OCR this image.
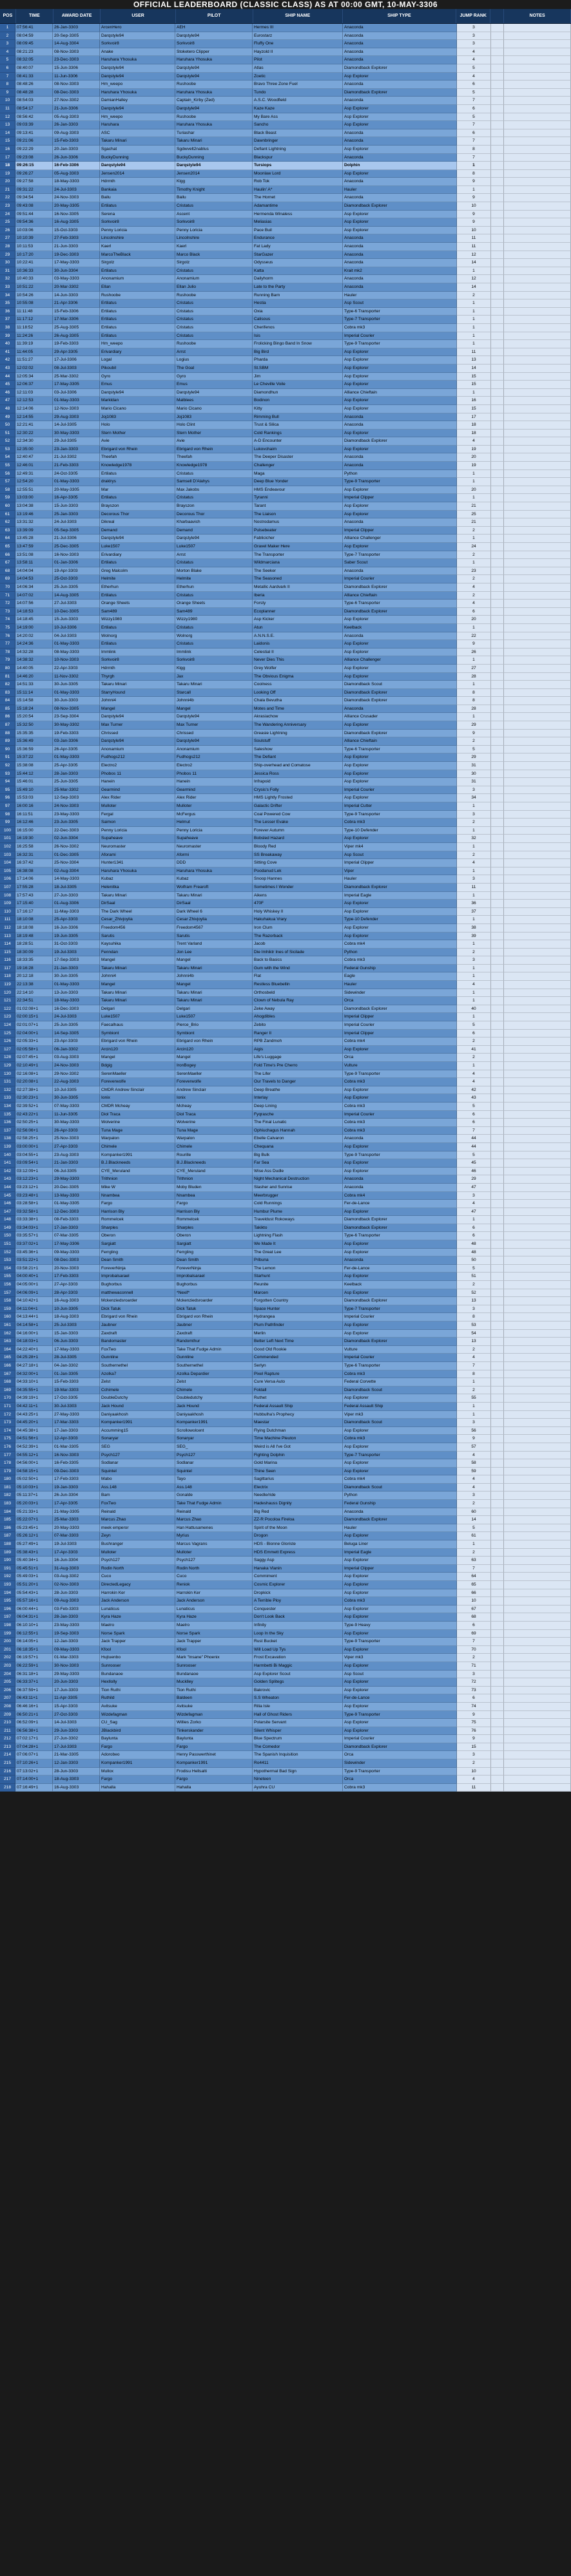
OFFICIAL LEADERBOARD (CLASSIC CLASS) AS AT 00:00 GMT, 10-MAY-3306
POS	TIME	AWARD DATE	USER	PILOT	SHIP NAME	SHIP TYPE	JUMP RANK	NOTES
1	07:56:41	26-Jan-3303	ArcenHero	AEH	Hermes III	Anaconda	3
2	08:04:59	20-Sep-3305	Darqstyle94	Darqstyle94	Eurostarz	Anaconda	3
3	08:09:45	14-Aug-3304	Sorkvoir8	Sorkvoir8	Fluffy One	Anaconda	3
4	08:21:23	08-Nov-3303	Anake	Stoketero Clipper	Hayzold II	Anaconda	4
5	08:32:05	23-Dec-3303	Haruhara Yhosuka	Haruhara Yhosuka	Pilot	Anaconda	4
6	08:40:07	15-Jun-3306	Darqstyle94	Darqstyle94	Atlas	Diamondback Explorer	5
7	08:41:33	11-Jun-3306	Darqstyle94	Darqstyle94	Zoetic	Asp Explorer	4
8	08:48:26	08-Nov-3303	Hm_weepo	Rushoobe	Bravo Three Zone Fuel	Anaconda	6
9	08:48:28	08-Dec-3303	Haruhara Yhosuka	Haruhara Yhosuka	Tundo	Diamondback Explorer	5
10	08:54:03	27-Nov-3302	DamianHalley	Captain_Kirby (Zed)	A.S.C. Woodfield	Anaconda	7
11	08:54:17	21-Jun-3306	Darqstyle94	Darqstyle94	Kaze Kaze	Asp Explorer	6
12	08:56:42	05-Aug-3303	Hm_weepo	Rushoobe	My Bare Ass	Asp Explorer	5
13	09:03:39	26-Jan-3303	Haruhara	Haruhara Yhosuka	Sancho	Asp Explorer	7
14	09:13:41	09-Aug-3303	ASC	Turiashar	Black Beast	Anaconda	6
15	09:21:06	15-Feb-3303	Takaru Minari	Takaru Minari	Dawnbringer	Anaconda	7
16	09:22:29	20-Jan-3303	Sgachat	Sgdwvelt2nablus	Defiant Lightning	Asp Explorer	8
17	09:23:08	26-Jun-3306	BuckyDunning	BuckyDunning	Blackspur	Anaconda	7
18	09:26:15	16-Feb-3306	Darqstyle94	Darqstyle94	Tursiops	Dolphin	1
19	09:26:27	05-Aug-3303	Jensen2014	Jensen2014	Moonlaw Lord	Asp Explorer	8
20	09:27:58	18-May-3303	Hdrmth	Klgg	Rob Tok	Anaconda	9
21	09:31:22	24-Jul-3303	Bankaia	Timothy Knight	Haulin' A*	Hauler	1
22	09:34:54	24-Nov-3303	Bailu	Bailu	The Hornet	Anaconda	9
23	09:43:08	20-May-3305	Ertilatus	Cristatus	Adamantime	Diamondback Explorer	10
24	09:51:44	16-Nov-3305	Serena	Ascent	Hermenda Winaless	Asp Explorer	9
25	09:54:36	16-Aug-3305	Sorkvoir8	Sorkvoir8	Meliasias	Asp Explorer	9
26	10:03:06	15-Oct-3303	Penny Loricia	Penny Loricia	Pace Buil	Asp Explorer	10
27	10:10:39	27-Feb-3303	Lincolnshire	Lincolnshire	Endurance	Anaconda	11
28	10:11:53	21-Jun-3303	Kaerl	Kaerl	Fat Lady	Anaconda	11
29	10:17:20	19-Dec-3303	MarcoTheBlack	Marco Black	StarGazer	Anaconda	12
30	10:22:41	17-May-3303	Sirgolz	Sirgolz	Odysseus	Anaconda	14
31	10:36:33	30-Jun-3304	Ertilatus	Cristatus	Katta	Krait mk2	1
32	10:40:33	03-May-3303	Anonamium	Anonamium	Dailyhorm	Anaconda	12
33	10:51:22	20-Mar-3302	Ellan	Ellan Julio	Late to the Party	Anaconda	14
34	10:54:26	14-Jun-3303	Rushoobe	Rushoobe	Running Barn	Hauler	2
35	10:55:08	21-Apr-3306	Ertilatus	Cristatus	Hestia	Asp Scout	1
36	11:11:48	15-Feb-3306	Ertilatus	Cristatus	Oxia	Type-6 Transporter	1
37	11:17:12	17-Mar-3306	Ertilatus	Cristatus	Calisous	Type-7 Transporter	1
38	11:18:52	25-Aug-3305	Ertilatus	Cristatus	Cherifenos	Cobra mk3	1
39	11:24:26	26-Aug-3305	Ertilatus	Cristatus	Isis	Imperial Courier	1
40	11:39:19	19-Feb-3303	Hm_weepo	Rushoobe	Frolicking Bingo Band In Snow	Type-9 Transporter	1
41	11:44:05	29-Apr-3305	Erivardiary	Arrst	Big Bird	Asp Explorer	11
42	11:51:27	17-Jul-3306	Logal	Logius	Pharda	Asp Explorer	13
43	12:02:02	08-Jul-3303	Pikoubil	The Goal	St.SBM	Asp Explorer	14
44	12:05:34	25-Mar-3302	Gyro	Gyro	Jim	Asp Explorer	15
45	12:06:37	17-May-3305	Emus	Emus	Le Cheville Voile	Asp Explorer	15
46	12:11:03	03-Jul-3306	Darqstyle94	Darqstyle94	Diamondhun	Alliance Chieftain	1
47	12:12:53	01-May-3303	Markldan	Malblees	Bodinon	Asp Explorer	16
48	12:14:06	12-Nov-3303	Mario Cicano	Mario Cicano	Kitty	Asp Explorer	15
49	12:14:55	29-Aug-3303	Joj1083	Joj1083	Rimming Bull	Anaconda	17
50	12:21:41	14-Jul-3305	Holo	Holo Clint	Trust & Silica	Anaconda	18
51	12:30:22	30-May-3303	Stern Mother	Stern Mother	Cold Rankings	Asp Explorer	18
52	12:34:30	29-Jul-3305	Avie	Avie	A-D Encounter	Diamondback Explorer	4
53	12:35:00	23-Jan-3303	Ebrigard von Rhein	Ebrigard von Rhein	Lukovchaim	Asp Explorer	19
54	12:40:47	21-Jul-3302	Theefah	Theefah	The Deeper Disaster	Anaconda	20
55	12:46:01	21-Feb-3303	Knowledge1978	Knowledge1978	Challenger	Anaconda	19
56	12:49:31	24-Oct-3305	Ertilatus	Cristatus	Maga	Python	1
57	12:54:20	01-May-3303	draklrys	Samsell D'Alahys	Deep Blue Yonder	Type-9 Transporter	1
58	12:55:51	20-May-3305	Mar	Max Jakobs	HMS Endeavour	Asp Explorer	20
59	13:03:00	16-Apr-3305	Ertilatus	Cristatus	Tyranni	Imperial Clipper	1
60	13:04:38	15-Jun-3303	Brayszon	Brayszon	Tarant	Asp Explorer	21
61	13:19:46	25-Jan-3303	Decorous Thor	Decorous Thor	The Liaison	Asp Explorer	25
62	13:31:32	24-Jul-3303	Dikreal	Kharbaavich	Nostrodamus	Anaconda	21
63	13:39:09	05-Sep-3305	Demand	Demand	Pulsebeater	Imperial Clipper	2
64	13:45:28	21-Jul-3306	Darqstyle94	Darqstyle94	Fablicicher	Alliance Challenger	1
65	13:47:59	25-Dec-3305	Luke1507	Luke1507	Gravel Maker Here	Asp Explorer	24
66	13:51:08	16-Nov-3303	Erivardiary	Arrst	The Transporter	Type-7 Transporter	2
67	13:58:11	01-Jan-3306	Ertilatus	Cristatus	Wildmarciana	Saber Scout	1
68	14:04:04	19-Apr-3303	Greg Malcolm	Morton Blake	The Seeker	Anaconda	23
69	14:04:53	25-Oct-3303	Helmite	Helmite	The Seasoned	Imperial Courier	2
70	14:06:34	25-Jun-3305	Etherhun	Etherhun	Metallic Aardvark II	Diamondback Explorer	4
71	14:07:02	14-Aug-3305	Ertilatus	Cristatus	Iberia	Alliance Chieftain	2
72	14:07:56	27-Jul-3303	Orange Sheets	Orange Sheets	Forsty	Type-6 Transporter	4
73	14:18:53	10-Dec-3305	Sam489	Sam489	Ecoplanner	Diamondback Explorer	6
74	14:18:45	15-Jun-3303	Wizzy1980	Wizzy1980	Asp Kicker	Asp Explorer	20
75	14:19:00	10-Jul-3306	Ertilatus	Cristatus	Atun	Keelback	1
76	14:20:02	04-Jul-3303	Wolnorg	Wolnorg	A.N.N.S.E.	Anaconda	22
77	14:24:36	01-May-3303	Ertilatus	Cristatus	Laidonis	Asp Explorer	9
78	14:32:28	08-May-3303	Immlink	Immlink	Celestial II	Asp Explorer	26
79	14:38:32	10-Nov-3303	Sorkvoir8	Sorkvoir8	Never Dies This	Alliance Challenger	1
80	14:40:05	22-Apr-3303	Hdrmth	Klgg	Grey Wolfer	Asp Explorer	27
81	14:46:20	11-Nov-3302	Thyrgh	Jax	The Obvious Enigma	Asp Explorer	28
82	14:51:33	30-Jun-3305	Takaru Minari	Takaru Minari	Coolness	Diamondback Scout	1
83	15:11:14	01-May-3303	StarryHound	Starcall	Looking Off	Diamondback Explorer	8
84	15:14:58	30-Jun-3303	Johnni4	Johnni4b	Chala Bevutha	Diamondback Explorer	8
85	15:18:24	08-Nov-3305	Mangel	Mangel	Motes and Time	Anaconda	28
86	15:20:54	23-Sep-3304	Darqstyle94	Darqstyle94	Akrasiachow	Alliance Crusader	1
87	15:32:50	30-May-3302	Max Turner	Max Turner	The Wandering Anniversary	Asp Explorer	29
88	15:35:35	19-Feb-3303	Chrissed	Chrissed	Greasie Lightning	Diamondback Explorer	9
89	15:36:49	03-Jan-3306	Darqstyle94	Darqstyle94	Soulstuff	Alliance Chieftain	2
90	15:36:59	26-Apr-3305	Anonamium	Anonamium	Saleshow	Type-6 Transporter	5
91	15:37:22	01-May-3303	Fudhogs212	Fudhogs212	The Defiant	Asp Explorer	29
92	15:38:08	25-Apr-3305	Electro2	Electro2	Ship-overhead and Comatose	Asp Explorer	31
93	15:44:12	28-Jan-3303	Phobos 11	Phobos 11	Jessica Ross	Asp Explorer	30
94	15:46:01	25-Jun-3305	Hanein	Hanein	Infrapoid	Asp Explorer	31
95	15:49:10	25-Mar-3302	Gearmind	Gearmind	Crysis's Folly	Imperial Courier	3
96	15:53:03	12-Sep-3303	Alex Rider	Alex Rider	HMS Lightly Frosted	Asp Explorer	34
97	16:00:16	24-Nov-3303	Mulloter	Mulloter	Galactic Drifter	Imperial Cutter	1
98	16:11:51	23-May-3303	Fergal	McFergus	Coal Powered Cow	Type-9 Transporter	3
99	16:12:46	23-Jun-3305	Saimon	Helmut	The Lesser Evake	Cobra mk3	2
100	16:15:00	22-Dec-3303	Penny Loricia	Penny Loricia	Forever Autumn	Type-10 Defender	1
101	16:19:30	02-Jun-3304	Supaheave	Supaheave	Bobsled Hazard	Asp Explorer	32
102	16:25:58	26-Nov-3302	Neuromaster	Neuromaster	Bloody Red	Viper mk4	1
103	16:32:31	01-Dec-3305	Aforami	Aformi	SS Breakaway	Asp Scout	2
104	16:37:42	25-Nov-3304	Hunter1341	DDD	Sitting Cove	Imperial Clipper	4
105	16:38:08	02-Aug-3304	Haruhara Yhosuka	Haruhara Yhosuka	Poodanud Lek	Viper	1
106	17:14:06	14-May-3303	Kubaz	Kubaz	Snoop Hannes	Hauler	3
107	17:55:28	18-Jul-3305	Helenitka	Wolfram Frearoft	Sometimes I Wonder	Diamondback Explorer	11
108	17:57:43	27-Jun-3303	Takaru Minari	Takaru Minari	Aikens	Imperial Eagle	1
109	17:15:40	01-Aug-3306	DirSaal	DirSaal	470F	Asp Explorer	36
110	17:16:17	11-May-3303	The Dark Wheel	Dark Wheel 6	Holy Whiskey II	Asp Explorer	37
111	18:10:08	25-Apr-3303	Cesar_Zhivjoylia	Cesar Zhivjoylia	Hakuhakua Vrary	Type-10 Defender	1
112	18:18:08	16-Jun-3306	Freedom456	Freedom4567	Iron Clum	Asp Explorer	38
113	18:19:48	19-Jun-3305	Sarutis	Sarutis	The Razorback	Asp Explorer	39
114	18:28:51	31-Oct-3303	Kaysuhika	Trent Varland	Jacob	Cobra mk4	1
115	18:30:09	19-Jul-3303	Fenndan	Jon Lee	Die Imhiktr Ines of Sicilade	Python	2
116	18:33:35	17-Sep-3303	Mangel	Mangel	Back to Basics	Cobra mk3	3
117	19:16:28	21-Jan-3303	Takaru Minari	Takaru Minari	Gum with the Wind	Federal Gunship	1
118	20:12:18	30-Jun-3305	Johnni4	Johnni4b	Flat	Eagle	1
119	22:13:38	01-May-3303	Mangel	Mangel	Restless Bluebellin	Hauler	4
120	22:14:10	13-Jun-3303	Takaru Minari	Takaru Minari	Orthosbeld	Sidewinder	1
121	22:34:51	18-May-3303	Takaru Minari	Takaru Minari	Clown of Nebula Ray	Orca	1
122	01:02:08+1	16-Dec-3303	Delgari	Delgari	Zeke Away	Diamondback Explorer	40
123	02:00:15+1	24-Jul-3303	Luke1507	Luke1507	Ahogdibles	Imperial Clipper	1
124	02:01:07+1	25-Jun-3305	Faecalhaus	Pierce_Brio	Zebito	Imperial Courier	5
125	02:04:00+1	14-Sep-3305	Symbiont	Symbiont	Ranger II	Imperial Clipper	6
126	02:05:33+1	23-Apr-3303	Ebrigard von Rhein	Ebrigard von Rhein	RPB Zandmoh	Cobra mk4	2
127	02:05:58+1	06-Jan-3302	Arcin120	Arcin120	Aigis	Asp Explorer	41
128	02:07:45+1	03-Aug-3303	Mangel	Mangel	Life's Luggage	Orca	2
129	02:10:49+1	24-Nov-3303	Bdgig	IronBogey	Fold Time's Pre Cherro	Vulture	1
130	02:16:08+1	29-Nov-3302	SerenMaeller	SerenMaeller	The Lifer	Type-9 Transporter	4
131	02:20:08+1	22-Aug-3303	Foreverwolfe	Foreverwolfe	Our Travels to Danger	Cobra mk3	4
132	02:27:38+1	10-Jul-3305	CMDR Andrew Sinclair	Andrew Sinclair	Deep Breathe	Asp Explorer	42
133	02:30:23+1	30-Jun-3305	Ionix	Ionix	Interlay	Asp Explorer	43
134	02:39:52+1	07-May-3303	CMDR Mcheay	Mcheay	Deep Lining	Cobra mk3	5
135	02:43:22+1	11-Jun-3305	Diol Traca	Diol Traca	Fyqrasche	Imperial Courier	6
136	02:50:25+1	30-May-3303	Wolverine	Wolverine	The Final Lunatic	Cobra mk3	6
137	02:56:06+1	26-Apr-3303	Tuna Mage	Tuna Mage	Ophiuchagus Hannah	Cobra mk3	7
138	02:58:25+1	25-Nov-3303	Warpalon	Warpalon	Ebelle Calvaron	Anaconda	44
139	03:00:00+1	27-Apr-3303	Chimele	Chimele	Chequana	Asp Explorer	44
140	03:04:55+1	23-Aug-3303	Kompanker1991	Rourille	Big Bulk	Type-9 Transporter	5
141	03:09:54+1	21-Jan-3303	B.J.Blackneeds	B.J.Blackneeds	Far Sea	Asp Explorer	45
142	03:12:09+1	06-Jul-3305	CYE_Meruland	CYE_Meruland	Wise Ass Dudle	Asp Explorer	46
143	03:12:23+1	29-May-3303	Trithnion	Trithnion	Night Mechanical Destruction	Anaconda	29
144	03:23:12+1	20-Dec-3305	Mike W	Moby Bluden	Slasher and Sunrise	Anaconda	47
145	03:23:48+1	13-May-3303	Nnambea	Nnambea	Meerbrugger	Cobra mk4	3
146	03:28:58+1	01-May-3305	Fargo	Fargo	Cold Runnings	Fer-de-Lance	4
147	03:32:58+1	12-Dec-3303	Harrison Bly	Harrison Bly	Humbur Plume	Asp Explorer	47
148	03:33:38+1	08-Feb-3303	Rommelcek	Rommelcek	Traveldust Rokoways	Diamondback Explorer	1
149	03:34:03+1	17-Jan-3303	Sharples	Sharples	Takikto	Diamondback Explorer	6
150	03:35:57+1	07-Mar-3305	Oberon	Oberon	Lightning Flash	Type-6 Transporter	6
151	03:37:02+1	17-May-3306	Sargiatt	Sargiatt	We Made It	Asp Explorer	48
152	03:45:36+1	09-May-3303	Ferrgling	Ferrgling	The Great Lee	Asp Explorer	48
153	03:51:22+1	08-Dec-3303	Dean Smith	Dean Smith	Pribuna	Anaconda	50
154	03:58:21+1	20-Nov-3303	ForeverNinja	ForeverNinja	The Lemon	Fer-de-Lance	5
155	04:00:40+1	17-Feb-3303	Improbalsarael	Improbalsarael	Starhunt	Asp Explorer	51
156	04:05:00+1	27-Apr-3303	Bughorbus	Bughorbus	Reunite	Keelback	2
157	04:06:09+1	28-Apr-3303	matthewaconnell	*Nexif*	Marcen	Asp Explorer	52
158	04:10:42+1	16-Aug-3303	Mckenziedsroarder	Mckenziedsroarder	Forgotten Country	Diamondback Explorer	13
159	04:11:04+1	10-Jun-3305	Dick Tatuk	Dick Tatuk	Space Hunter	Type-7 Transporter	3
160	04:13:44+1	18-Aug-3303	Ebrigard von Rhein	Ebrigard von Rhein	Hydrangea	Imperial Courier	8
161	04:14:58+1	25-Jul-3303	Jaubner	Jaubner	Plum Pathfinder	Asp Explorer	53
162	04:16:00+1	15-Jan-3303	Zaxdraft	Zaxdraft	Merlin	Asp Explorer	54
163	04:18:03+1	06-Jun-3303	Bandomaster	Randomthur	Better Left Next Time	Diamondback Explorer	13
164	04:22:40+1	17-May-3303	FoxTwo	Take That Fudge Admin	Good Old Rookie	Vulture	2
165	04:25:28+1	28-Jul-3305	Gunnline	Gunnline	Commended	Imperial Courier	4
166	04:27:18+1	04-Jan-3302	Southernethel	Southernethel	Serlyn	Type-6 Transporter	7
167	04:32:00+1	01-Jan-3305	Azolka7	Azolka Depardier	Pixel Rapture	Cobra mk3	8
168	04:33:10+1	15-Feb-3303	Zelst	Zelst	Cure Versa Auto	Federal Corvette	1
169	04:35:55+1	19-Mar-3303	Cchimele	Chimele	Foldall	Diamondback Scout	2
170	04:39:19+1	17-Oct-3305	DoubleDutchy	Doubledutchy	Ruthet	Asp Explorer	55
171	04:42:11+1	30-Jul-3303	Jack Hound	Jack Hound	Federal Assault Ship	Federal Assault Ship	1
172	04:43:25+1	27-May-3303	Daniyaakhosh	Daniyaakhosh	Hubbulha's Prophecy	Viper mk3	1
173	04:45:20+1	17-Mar-3303	Kompanker1991	Kompanker1991	Maestar	Diamondback Scout	3
174	04:45:38+1	17-Jan-3303	Accumming15	Scrollowolcent	Flying Dutchman	Asp Explorer	56
175	04:51:56+1	12-Apr-3303	Sonaryar	Sonaryar	Time Machine Pleuton	Cobra mk3	9
176	04:52:39+1	01-Mar-3305	SEG	SEG_	Weird is All I've Got	Asp Explorer	57
177	04:55:12+1	16-Nov-3303	Psych127	Psych127	Fighting Dolphin	Type-7 Transporter	4
178	04:56:00+1	16-Feb-3305	Sodlanar	Sodlanar	Gold Marina	Asp Explorer	58
179	04:58:15+1	09-Dec-3303	Squintel	Squintel	Thine Seen	Asp Explorer	59
180	05:02:50+1	17-Feb-3303	Mabo	Tayo	Sagittarius	Cobra mk4	4
181	05:10:03+1	19-Jan-3303	Ass.148	Ass.148	Electrix	Diamondback Scout	4
182	05:11:37+1	26-Jun-3304	Bam	Gonalde	Needle/ride	Python	3
183	05:20:03+1	17-Apr-3305	FoxTwo	Take That Fudge Admin	Hadeshauss Dignity	Federal Gunship	2
184	05:21:33+1	21-May-3305	Reinald	Reinald	Big Red	Anaconda	60
185	05:22:07+1	25-Mar-3303	Marcus Zhao	Marcus Zhao	ZZ-R Pocoloa Fireloa	Diamondback Explorer	14
186	05:23:45+1	20-May-3303	meek emperor	Han Hattusamenes	Spirit of the Moon	Hauler	5
187	05:26:12+1	07-Mar-3303	Zeyn	Myrius	Drogon	Asp Explorer	61
188	05:27:49+1	19-Jul-3303	Bushranger	Marcus Vagrans	HDS - Bionne Gloriste	Beluga Liner	1
189	05:38:43+1	17-Apr-3303	Mulloter	Mulloter	HDS Emmett Express	Imperial Eagle	2
190	05:40:34+1	16-Jun-3304	Psych127	Psych127	Saggy Asp	Asp Explorer	63
191	05:45:51+1	31-Aug-3303	Rodin North	Rodin North	Hanaka Vlanin	Imperial Clipper	7
192	05:49:03+1	03-Aug-3302	Cuco	Cuco	Commiment	Asp Explorer	64
193	05:51:20+1	02-Nov-3303	DirectedLegacy	Reniok	Cosmic Explorer	Asp Explorer	65
194	05:54:43+1	28-Jun-3303	Harrokin Ker	Harrokin Ker	Dropkick	Asp Explorer	66
195	05:57:16+1	09-Aug-3303	Jack Anderson	Jack Anderson	A Terrible Ploy	Cobra mk3	10
196	06:00:44+1	03-Feb-3303	Lunaticus	Lunaticus	Conquester	Asp Explorer	67
197	06:04:31+1	28-Jan-3303	Kyra Haze	Kyra Haze	Don't Look Back	Asp Explorer	68
198	06:10:10+1	23-May-3303	Maelro	Maelro	Infinity	Type-9 Heavy	6
199	06:12:55+1	19-Sep-3303	Norse Spark	Norse Spark	Loop In the Sky	Asp Explorer	69
200	06:14:05+1	12-Jan-3303	Jack Trapper	Jack Trapper	Rust Bucket	Type-9 Transporter	7
201	06:18:35+1	09-May-3303	Kfool	Kfool	Will Load Up Tys	Asp Explorer	70
202	06:19:57+1	01-Mar-3303	Hujtuenbo	Mark "Insane" Phoenix	Frost Excavation	Viper mk3	2
203	06:22:59+1	30-Nov-3303	Sunrooser	Sunrooser	Harmbetti Bi Maggic	Asp Explorer	71
204	06:31:18+1	29-May-3303	Bundanaoe	Bundanaoe	Asp Explorer Scout	Asp Scout	3
205	06:33:37+1	20-Jun-3303	Hexllolly	Mucklley	Golden Splitegs	Asp Explorer	72
206	06:37:59+1	17-Jun-3303	Tion Ruthi	Tion Ruthi	Bakrovic	Asp Explorer	73
207	06:43:11+1	11-Apr-3305	Ruthild	Baldeen	S.S Wheaton	Fer-de-Lance	6
208	06:46:16+1	15-Apr-3303	Avitsuke	Avitsuke	Rilia Isle	Asp Explorer	74
209	06:50:21+1	27-Oct-3303	Wizdefagman	Wizdefagman	Hall of Ghost Riders	Type-9 Transporter	9
210	06:52:09+1	14-Jul-3303	CU_Sag	Willies Zorko	Polarsite Servant	Asp Explorer	75
211	06:56:38+1	29-Jun-3303	JBlackbird	Tinkerskander	Silent Whisper	Asp Explorer	76
212	07:02:17+1	27-Jun-3302	Baylunta	Baylunta	Blue Spectrum	Imperial Courier	9
213	07:04:28+1	17-Jul-3303	Fargo	Fargo	The Comedor	Diamondback Explorer	15
214	07:06:07+1	21-Mar-3305	Adorobeo	Henry Passwerthinet	The Spanish Inquisition	Orca	3
215	07:10:26+1	12-Jan-3303	Kompanker1991	Kompanker1991	Ro4411	Sidewinder	2
216	07:13:02+1	28-Jun-3303	Mullox	Frodisu Hellsalti	Hypothermal Bad Sign	Type-9 Transporter	10
217	07:14:00+1	18-Aug-3303	Fargo	Fargo	Nineteen	Orca	4
218	07:16:49+1	16-Aug-3303	Hahalla	Hahalla	Ayuhra CU	Cobra mk3	11
